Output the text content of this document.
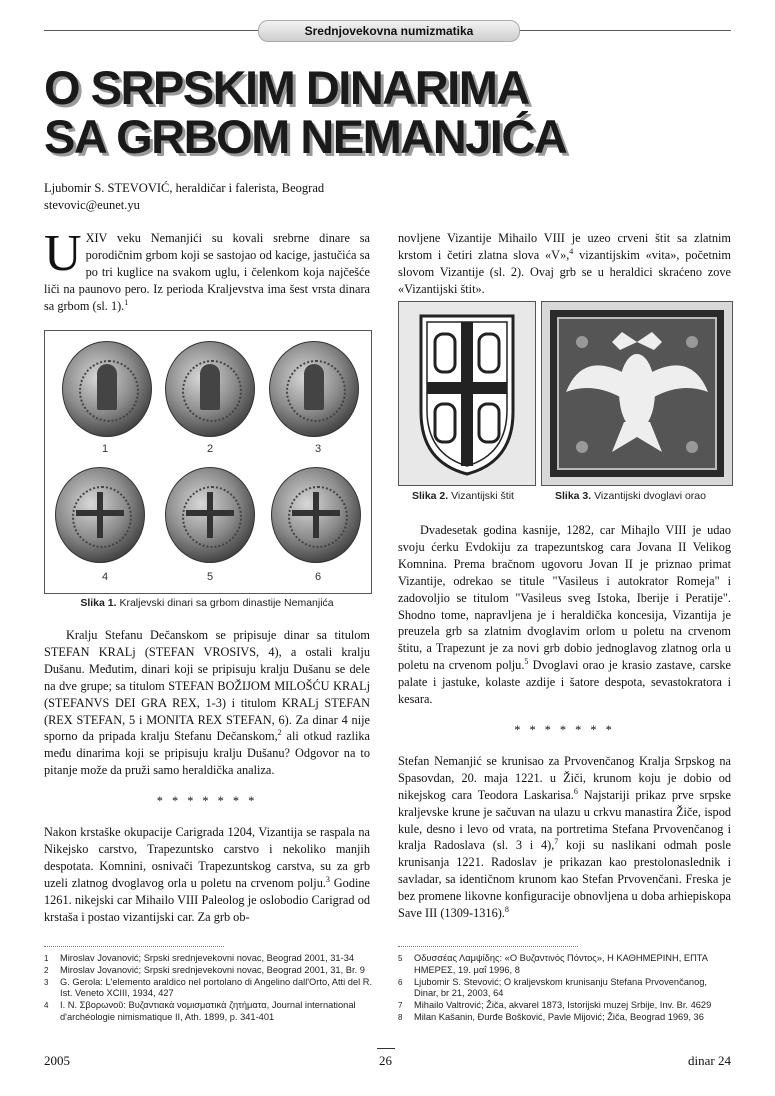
Srednjovekovna numizmatika
O SRPSKIM DINARIMA
SA GRBOM NEMANJIĆA
Ljubomir S. STEVOVIĆ, heraldičar i falerista, Beograd
stevovic@eunet.yu

UXIV veku Nemanjići su kovali srebrne dinare sa porodičnim grbom koji se sastojao od kacige, jastučića sa po tri kuglice na svakom uglu, i čelenkom koja najčešće liči na paunovo pero. Iz perioda Kraljevstva ima šest vrsta dinara sa grbom (sl. 1).$^1$

1	2	3
4	5	6
Slika 1. Kraljevski dinari sa grbom dinastije Nemanjića

Kralju Stefanu Dečanskom se pripisuje dinar sa titulom STEFAN KRALj (STEFAN VROSIVS, 4), a ostali kralju Dušanu. Međutim, dinari koji se pripisuju kralju Dušanu se dele na dve grupe; sa titulom STEFAN BOŽIJOM MILOŠĆU KRALj (STEFANVS DEI GRA REX, 1-3) i titulom KRALj STEFAN (REX STEFAN, 5 i MONITA REX STEFAN, 6). Za dinar 4 nije sporno da pripada kralju Stefanu Dečanskom,$^2$ ali otkud razlika među dinarima koji se pripisuju kralju Dušanu? Odgovor na to pitanje može da pruži samo heraldička analiza.

* * * * * * *

Nakon krstaške okupacije Carigrada 1204, Vizantija se raspala na Nikejsko carstvo, Trapezuntsko carstvo i nekoliko manjih despotata. Komnini, osnivači Trapezuntskog carstva, su za grb uzeli zlatnog dvoglavog orla u poletu na crvenom polju.$^3$ Godine 1261. nikejski car Mihailo VIII Paleolog je oslobodio Carigrad od krstaša i postao vizantijski car. Za grb ob-

1 Miroslav Jovanović; Srpski srednjevekovni novac, Beograd 2001, 31-34
2 Miroslav Jovanović; Srpski srednjevekovni novac, Beograd 2001, 31, Br. 9
3 G. Gerola: L'elemento araldico nel portolano di Angelino dall'Orto, Atti del R. Ist. Veneto XCIII, 1934, 427
4 I. N. Σβορωνοῦ: Βυζαντιακὰ νομισματικὰ ζητήματα, Journal international d'archéologie nimismatique II, Ath. 1899, p. 341-401

novljene Vizantije Mihailo VIII je uzeo crveni štit sa zlatnim krstom i četiri zlatna slova «V»,$^4$ vizantijskim «vita», početnim slovom Vizantije (sl. 2). Ovaj grb se u heraldici skraćeno zove «Vizantijski štit».

Slika 2. Vizantijski štit	Slika 3. Vizantijski dvoglavi orao

Dvadesetak godina kasnije, 1282, car Mihajlo VIII je udao svoju ćerku Evdokiju za trapezuntskog cara Jovana II Velikog Komnina. Prema bračnom ugovoru Jovan II je priznao primat Vizantije, odrekao se titule "Vasileus i autokrator Romeja" i zadovoljio se titulom "Vasileus sveg Istoka, Iberije i Peratije". Shodno tome, napravljena je i heraldička koncesija, Vizantija je preuzela grb sa zlatnim dvoglavim orlom u poletu na crvenom štitu, a Trapezunt je za novi grb dobio jednoglavog zlatnog orla u poletu na crvenom polju.$^5$ Dvoglavi orao je krasio zastave, carske palate i jastuke, kolaste azdije i šatore despota, sevastokratora i kesara.

* * * * * * *

Stefan Nemanjić se krunisao za Prvovenčanog Kralja Srpskog na Spasovdan, 20. maja 1221. u Žiči, krunom koju je dobio od nikejskog cara Teodora Laskarisa.$^6$ Najstariji prikaz prve srpske kraljevske krune je sačuvan na ulazu u crkvu manastira Žiče, ispod kule, desno i levo od vrata, na portretima Stefana Prvovenčanog i kralja Radoslava (sl. 3 i 4),$^7$ koji su naslikani odmah posle krunisanja 1221. Radoslav je prikazan kao prestolonaslednik i savladar, sa identičnom krunom kao Stefan Prvovenčani. Freska je bez promene likovne konfiguracije obnovljena u doba arhiepiskopa Save III (1309-1316).$^8$

5 Οδυσσέας Λαμψίδης: «Ο Βυζαντινός Πόντος», Η ΚΑΘΗΜΕΡΙΝΗ, ΕΠΤΑ ΗΜΕΡΕΣ, 19. μαΐ 1996, 8
6 Ljubomir S. Stevović; O kraljevskom krunisanju Stefana Prvovenčanog, Dinar, br 21, 2003, 64
7 Mihailo Valtrović; Žiča, akvarel 1873, Istorijski muzej Srbije, Inv. Br. 4629
8 Milan Kašanin, Đurđe Bošković, Pavle Mijović; Žiča, Beograd 1969, 36
2005	26	dinar 24
